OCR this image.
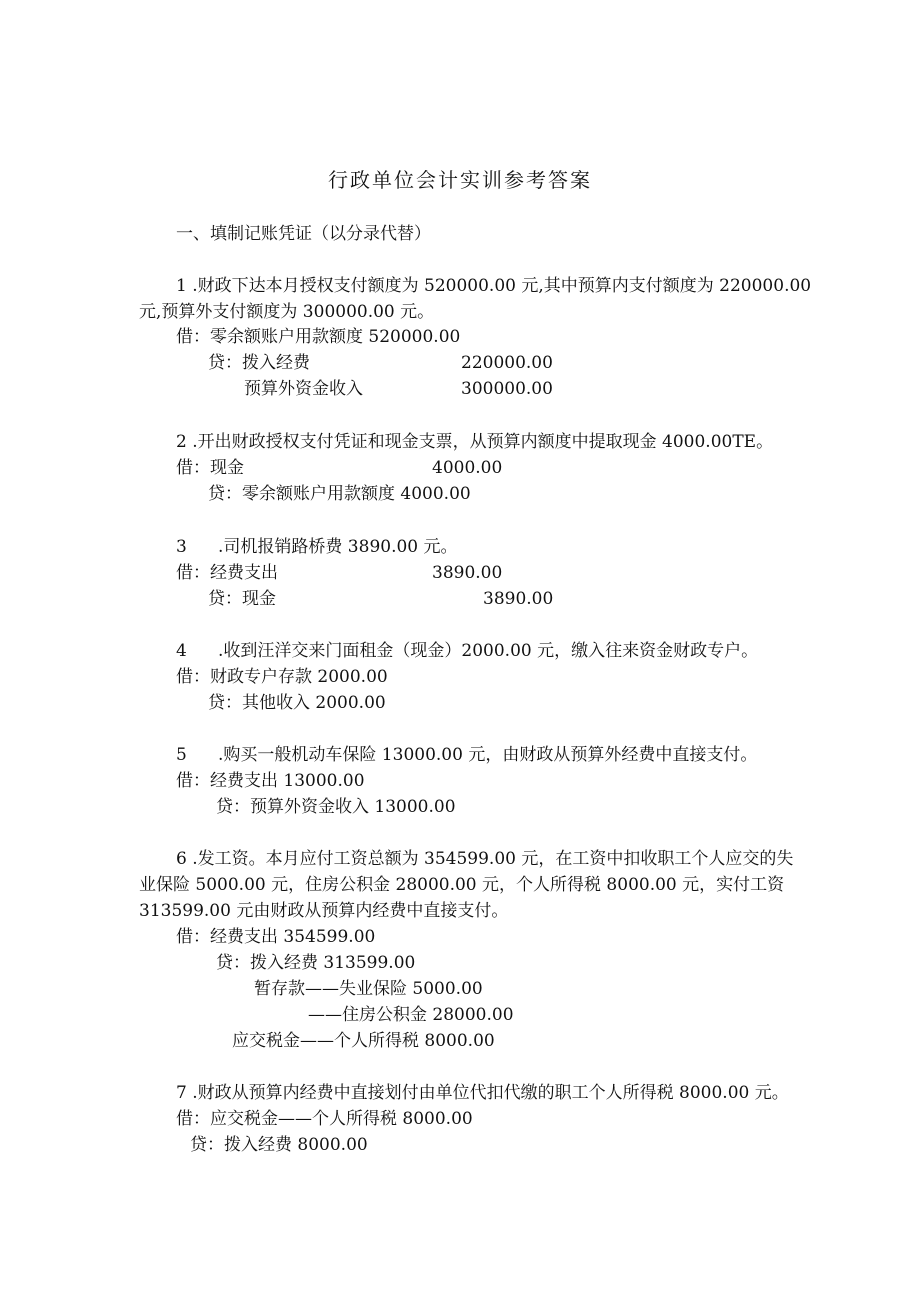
行政单位会计实训参考答案
一、填制记账凭证（以分录代替）
1 .财政下达本月授权支付额度为 520000.00 元,其中预算内支付额度为 220000.00
元,预算外支付额度为 300000.00 元。
借：零余额账户用款额度 520000.00
贷：拨入经费	220000.00
预算外资金收入	300000.00
2 .开出财政授权支付凭证和现金支票，从预算内额度中提取现金 4000.00TE。
借：现金	4000.00
贷：零余额账户用款额度 4000.00
3 .司机报销路桥费 3890.00 元。
借：经费支出	3890.00
贷：现金	3890.00
4 .收到汪洋交来门面租金（现金）2000.00 元，缴入往来资金财政专户。
借：财政专户存款 2000.00
贷：其他收入 2000.00
5 .购买一般机动车保险 13000.00 元，由财政从预算外经费中直接支付。
借：经费支出 13000.00
贷：预算外资金收入 13000.00
6 .发工资。本月应付工资总额为 354599.00 元，在工资中扣收职工个人应交的失
业保险 5000.00 元，住房公积金 28000.00 元，个人所得税 8000.00 元，实付工资
313599.00 元由财政从预算内经费中直接支付。
借：经费支出 354599.00
贷：拨入经费 313599.00
暂存款——失业保险 5000.00
——住房公积金 28000.00
应交税金——个人所得税 8000.00
7 .财政从预算内经费中直接划付由单位代扣代缴的职工个人所得税 8000.00 元。
借：应交税金——个人所得税 8000.00
贷：拨入经费 8000.00
